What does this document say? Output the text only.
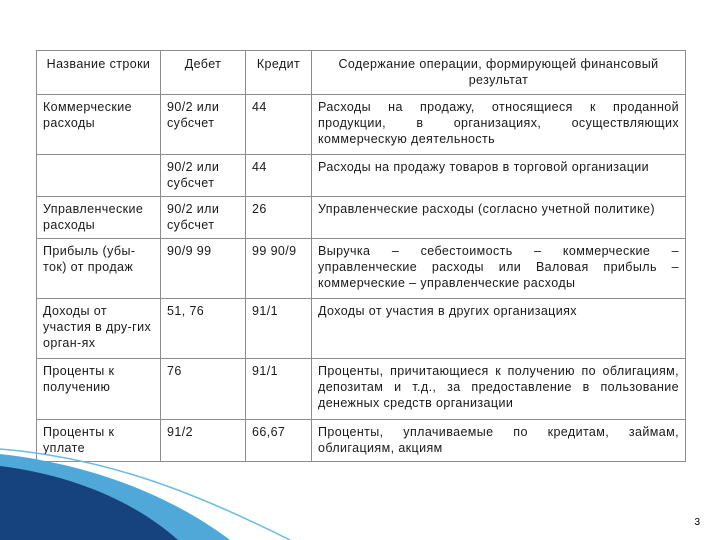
Название строки	Дебет	Кредит	Содержание операции, формирующей финансовый результат
Коммерческие расходы	90/2 или субсчет	44	Расходы на продажу, относящиеся к проданной продукции, в организациях, осуществляющих коммерческую деятельность
	90/2 или субсчет	44	Расходы на продажу товаров в торговой организации
Управленческие расходы	90/2 или субсчет	26	Управленческие расходы (согласно учетной политике)
Прибыль (убы-ток) от продаж	90/9 99	99 90/9	Выручка – себестоимость – коммерческие – управленческие расходы или Валовая прибыль – коммерческие – управленческие расходы
Доходы от участия в дру-гих орган-ях	51, 76	91/1	Доходы от участия в других организациях
Проценты к получению	76	91/1	Проценты, причитающиеся к получению по облигациям, депозитам и т.д., за предоставление в пользование денежных средств организации
Проценты к уплате	91/2	66,67	Проценты, уплачиваемые по кредитам, займам, облигациям, акциям
3
